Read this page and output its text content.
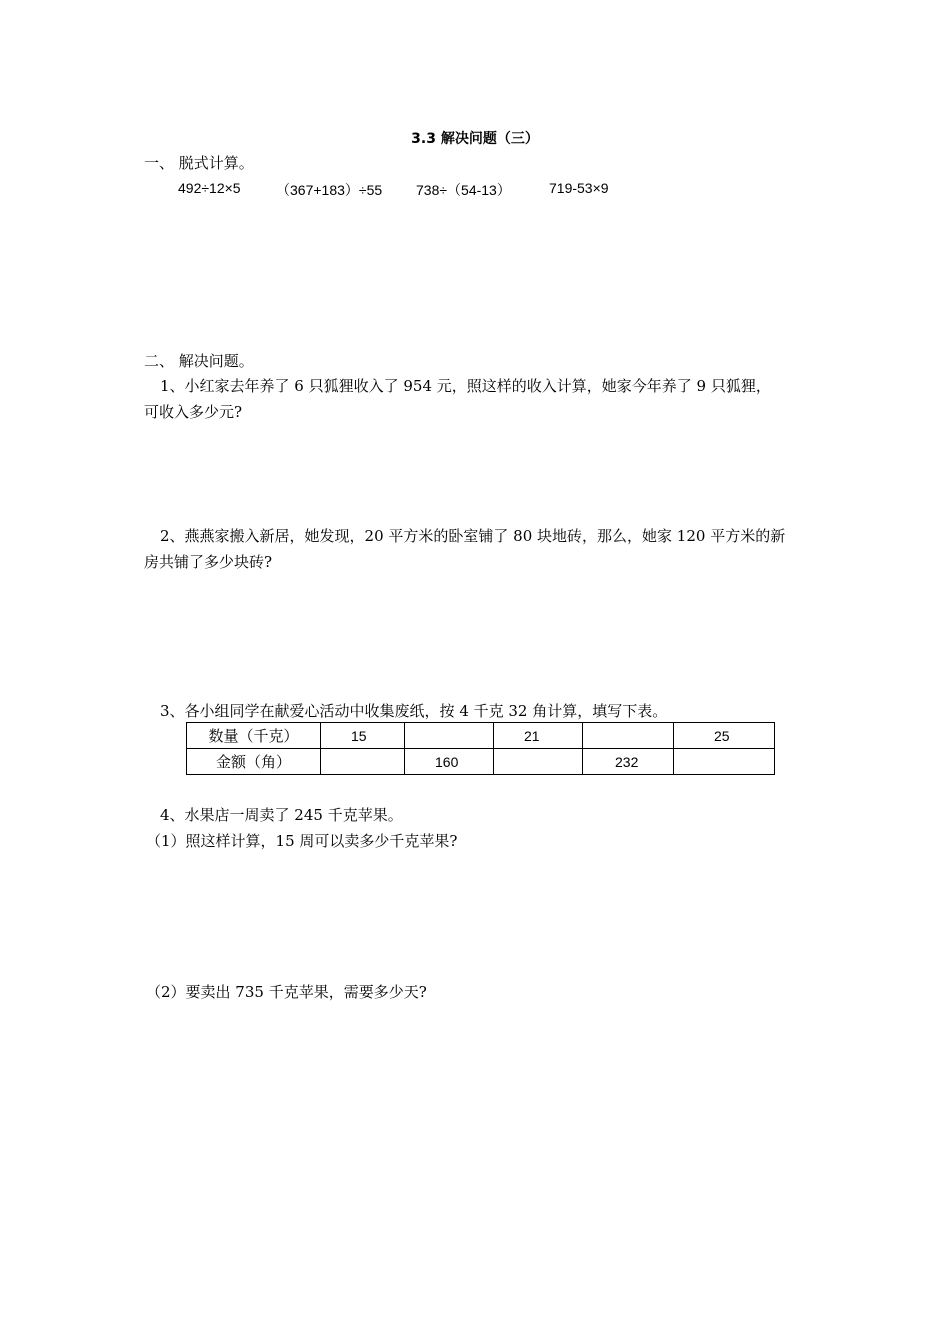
3.3 解决问题（三）
一、 脱式计算。
492÷12×5	（367+183）÷55 738÷（54-13）	719-53×9
二、 解决问题。
1、小红家去年养了 6 只狐狸收入了 954 元，照这样的收入计算，她家今年养了 9 只狐狸，
可收入多少元?
2、燕燕家搬入新居，她发现，20 平方米的卧室铺了 80 块地砖，那么，她家 120 平方米的新
房共铺了多少块砖?
3、各小组同学在献爱心活动中收集废纸，按 4 千克 32 角计算，填写下表。
数量（千克）	15		21		25
金额（角）		160		232	
4、水果店一周卖了 245 千克苹果。
（1）照这样计算，15 周可以卖多少千克苹果?
（2）要卖出 735 千克苹果，需要多少天?
